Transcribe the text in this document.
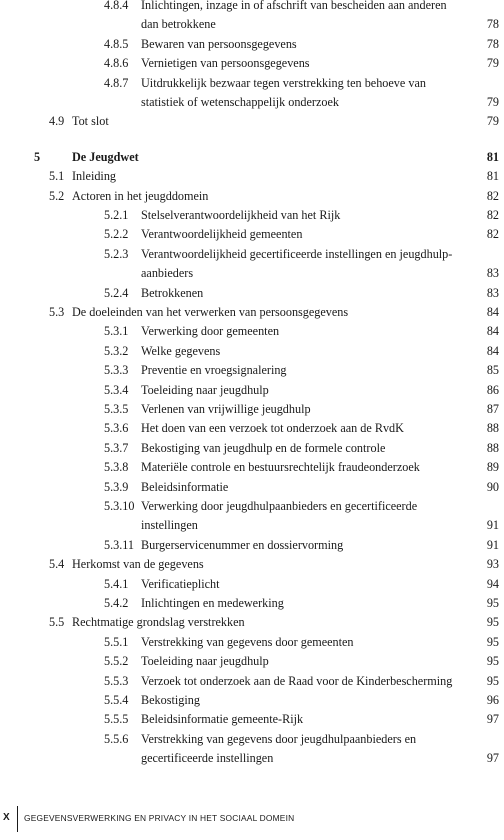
4.8.4 Inlichtingen, inzage in of afschrift van bescheiden aan anderen
dan betrokkene	78
4.8.5 Bewaren van persoonsgegevens	78
4.8.6 Vernietigen van persoonsgegevens	79
4.8.7 Uitdrukkelijk bezwaar tegen verstrekking ten behoeve van
statistiek of wetenschappelijk onderzoek	79
4.9 Tot slot	79
5	De Jeugdwet	81
5.1 Inleiding	81
5.2 Actoren in het jeugddomein	82
5.2.1 Stelselverantwoordelijkheid van het Rijk	82
5.2.2 Verantwoordelijkheid gemeenten	82
5.2.3 Verantwoordelijkheid gecertificeerde instellingen en jeugdhulp-
aanbieders	83
5.2.4 Betrokkenen	83
5.3 De doeleinden van het verwerken van persoonsgegevens	84
5.3.1 Verwerking door gemeenten	84
5.3.2 Welke gegevens	84
5.3.3 Preventie en vroegsignalering	85
5.3.4 Toeleiding naar jeugdhulp	86
5.3.5 Verlenen van vrijwillige jeugdhulp	87
5.3.6 Het doen van een verzoek tot onderzoek aan de RvdK	88
5.3.7 Bekostiging van jeugdhulp en de formele controle	88
5.3.8 Materiële controle en bestuursrechtelijk fraudeonderzoek	89
5.3.9 Beleidsinformatie	90
5.3.10 Verwerking door jeugdhulpaanbieders en gecertificeerde
instellingen	91
5.3.11 Burgerservicenummer en dossiervorming	91
5.4 Herkomst van de gegevens	93
5.4.1 Verificatieplicht	94
5.4.2 Inlichtingen en medewerking	95
5.5 Rechtmatige grondslag verstrekken	95
5.5.1 Verstrekking van gegevens door gemeenten	95
5.5.2 Toeleiding naar jeugdhulp	95
5.5.3 Verzoek tot onderzoek aan de Raad voor de Kinderbescherming	95
5.5.4 Bekostiging	96
5.5.5 Beleidsinformatie gemeente-Rijk	97
5.5.6 Verstrekking van gegevens door jeugdhulpaanbieders en
gecertificeerde instellingen	97
X GEGEVENSVERWERKING EN PRIVACY IN HET SOCIAAL DOMEIN
